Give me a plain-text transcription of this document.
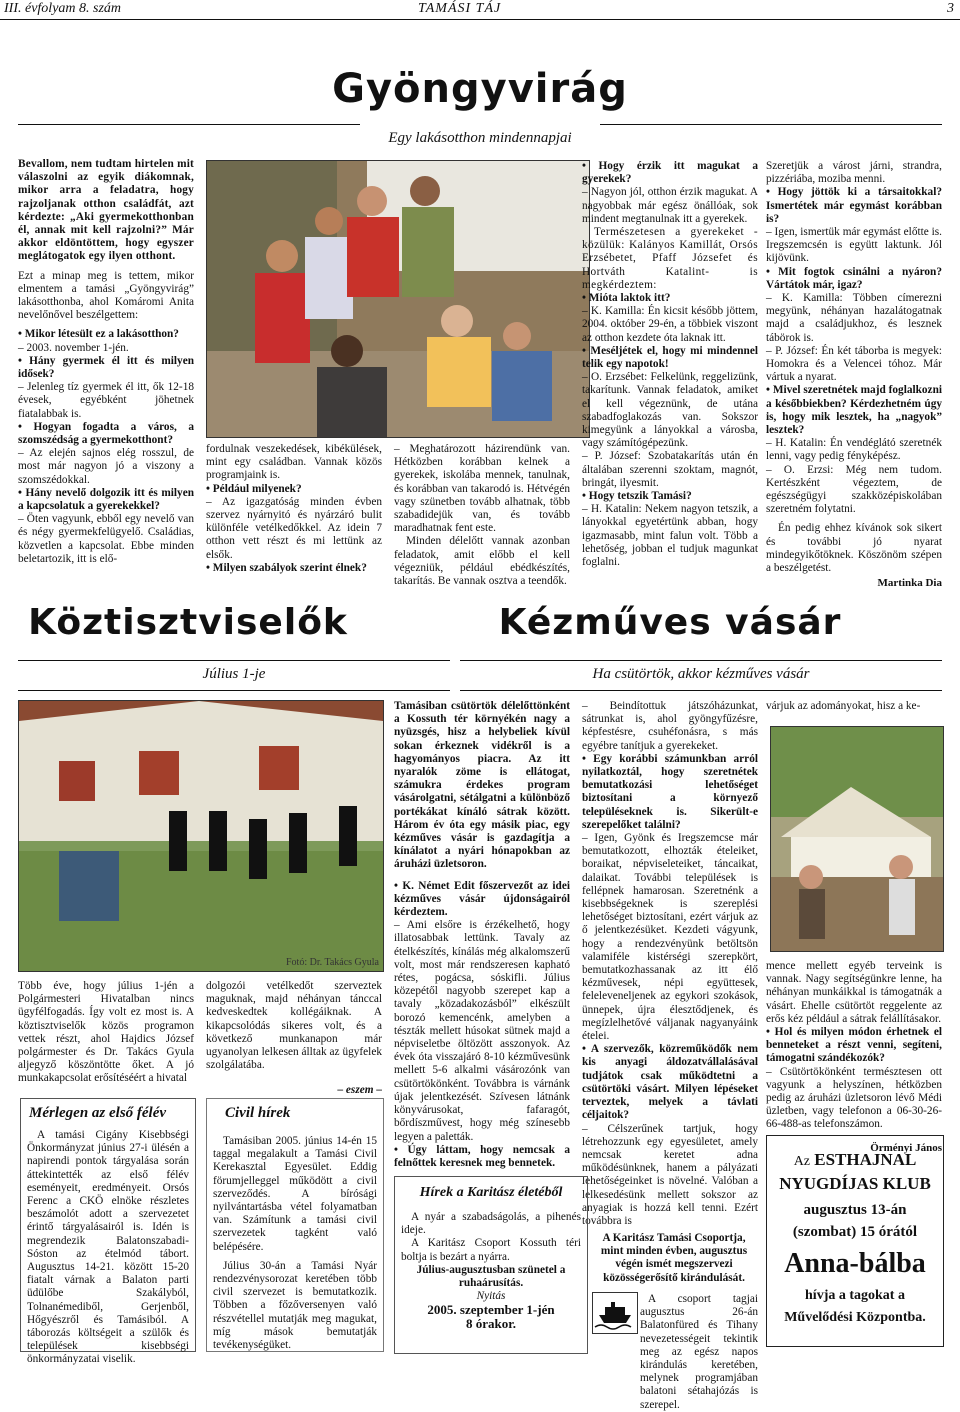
III. évfolyam 8. szám	TAMÁSI TÁJ	3
Gyöngyvirág
Egy lakásotthon mindennapjai

Bevallom, nem tudtam hirtelen mit válaszolni az egyik diákomnak, mikor arra a feladatra, hogy rajzoljanak otthon családfát, azt kérdezte: „Aki gyermekotthonban él, annak mit kell rajzolni?” Már akkor eldöntöttem, hogy egyszer meglátogatok egy ilyen otthont.

Ezt a minap meg is tettem, mikor elmentem a tamási „Gyöngyvirág” lakásotthonba, ahol Komáromi Anita nevelőnővel beszélgettem:

• Mikor létesült ez a lakásotthon?

– 2003. november 1-jén.

• Hány gyermek él itt és milyen idősek?

– Jelenleg tíz gyermek él itt, ők 12-18 évesek, egyébként jöhetnek fiatalabbak is.

• Hogyan fogadta a város, a szomszédság a gyermekotthont?

– Az elején sajnos elég rosszul, de most már nagyon jó a viszony a szomszédokkal.

• Hány nevelő dolgozik itt és milyen a kapcsolatuk a gyerekekkel?

– Öten vagyunk, ebből egy nevelő van és négy gyermekfelügyelő. Családias, közvetlen a kapcsolat. Ebbe minden beletartozik, itt is elő-

fordulnak veszekedések, kibékülések, mint egy családban. Vannak közös programjaink is.

• Például milyenek?

– Az igazgatóság minden évben szervez nyárnyitó és nyárzáró bulit különféle vetélkedőkkel. Az idein 7 otthon vett részt és mi lettünk az elsők.

• Milyen szabályok szerint élnek?

– Meghatározott házirendünk van. Hétközben korábban kelnek a gyerekek, iskolába mennek, tanulnak, és korábban van takarodó is. Hétvégén vagy szünetben tovább alhatnak, több szabadidejük van, és tovább maradhatnak fent este.

Minden délelőtt vannak azonban feladatok, amit előbb el kell végezniük, például ebédkészítés, takarítás. Be vannak osztva a teendők.

• Hogy érzik itt magukat a gyerekek?

– Nagyon jól, otthon érzik magukat. A nagyobbak már egész önállóak, sok mindent megtanulnak itt a gyerekek.

Természetesen a gyerekeket -közülük: Kalányos Kamillát, Orsós Erzsébetet, Pfaff Józsefet és Hortváth Katalint- is megkérdeztem:

• Mióta laktok itt?

– K. Kamilla: Én kicsit később jöttem, 2004. október 29-én, a többiek viszont az otthon kezdete óta laknak itt.

• Meséljétek el, hogy mi mindennel telik egy napotok!

– O. Erzsébet: Felkelünk, reggelizünk, takarítunk. Vannak feladatok, amiket el kell végeznünk, de utána szabadfoglakozás van. Sokszor kimegyünk a lányokkal a városba, vagy számítógépezünk.

– P. József: Szobatakarítás után én általában szerenni szoktam, magnót, bringát, ilyesmit.

• Hogy tetszik Tamási?

– H. Katalin: Nekem nagyon tetszik, a lányokkal egyetértünk abban, hogy igazmasabb, mint falun volt. Több a lehetőség, jobban el tudjuk magunkat foglalni.

Szeretjük a várost járni, strandra, pizzériába, moziba menni.

• Hogy jöttök ki a társaitokkal? Ismertétek már egymást korábban is?

– Igen, ismertük már egymást előtte is. Iregszemcsén is együtt laktunk. Jól kijövünk.

• Mit fogtok csinálni a nyáron? Vártátok már, igaz?

– K. Kamilla: Többen címerezni megyünk, néhányan hazalátogatnak majd a családjukhoz, és lesznek tábörok is.

– P. József: Én két táborba is megyek: Homokra és a Velencei tóhoz. Már vártuk a nyarat.

• Mivel szeretnétek majd foglalkozni a későbbiekben? Kérdezhetném úgy is, hogy mik lesztek, ha „nagyok” lesztek?

– H. Katalin: Én vendéglátó szeretnék lenni, vagy pedig fényképész.

– O. Erzsi: Még nem tudom. Kertészként végeztem, de egészségügyi szakközépiskolában szeretném folytatni.

Én pedig ehhez kívánok sok sikert és további jó nyarat mindegyikőtöknek. Köszönöm szépen a beszélgetést.

Martinka Dia

Köztisztviselők
Július 1-je
Fotó: Dr. Takács Gyula

Több éve, hogy július 1-jén a Polgármesteri Hivatalban nincs ügyfélfogadás. Így volt ez most is. A köztisztviselők közös programon vettek részt, ahol Hajdics József polgármester és Dr. Takács Gyula aljegyző köszöntötte őket. A jó munkakapcsolat erősítéséért a hivatal

dolgozói vetélkedőt szerveztek maguknak, majd néhányan tánccal kedveskedtek kollégáiknak. A kikapcsolódás sikeres volt, és a következő munkanapon már ugyanolyan lelkesen álltak az ügyfelek szolgálatába.

– eszem –

Mérlegen az első félév
A tamási Cigány Kisebbségi Önkormányzat június 27-i ülésén a napirendi pontok tárgyalása során áttekintették az első félév eseményeit, eredményeit. Orsós Ferenc a CKÖ elnöke részletes beszámolót adott a szervezetet érintő tárgyalásairól is. Idén is megrendezik Balatonszabadi-Sóston az ételmód tábort. Augusztus 14-21. között 15-20 fiatalt várnak a Balaton parti üdülőbe Szakályból, Tolnanémediből, Gerjenből, Hőgyészről és Tamásiból. A táborozás költségeit a szülők és települések kisebbségi önkormányzatai viselik.
Civil hírek

Tamásiban 2005. június 14-én 15 taggal megalakult a Tamási Civil Kerekasztal Egyesület. Eddig förumjelleggel működött a civil szerveződés. A bírósági nyilvántartásba vétel folyamatban van. Számítunk a tamási civil szervezetek tagként való belépésére.

Július 30-án a Tamási Nyár rendezvénysorozat keretében több civil szervezet is bemutatkozik. Többen a főzőversenyen való részvétellel mutatják meg magukat, míg mások bemutatják tevékenységüket.

Kézműves vásár
Ha csütörtök, akkor kézműves vásár

Tamásiban csütörtök délelőttönként a Kossuth tér környékén nagy a nyüzsgés, hisz a helybeliek kívül sokan érkeznek vidékről is a hagyományos piacra. Az itt nyaralók zöme is ellátogat, számukra érdekes program vásárolgatni, sétálgatni a különböző portékákat kínáló sátrak között. Három év óta egy másik piac, egy kézműves vásár is gazdagítja a kínálatot a nyári hónapokban az áruházi üzletsoron.

• K. Német Edit főszervezőt az idei kézműves vásár újdonságairól kérdeztem.

– Ami elsőre is érzékelhető, hogy illatosabbak lettünk. Tavaly az ételkészítés, kínálás még alkalomszerű volt, most már rendszeresen kapható rétes, pogácsa, sóskifli. Július közepétől nagyobb szerepet kap a tavaly „közadakozásból” elkészült borozó kemencénk, amelyben a tészták mellett húsokat sütnek majd a népviseletbe öltözött asszonyok. Az évek óta visszajáró 8-10 kézművesünk mellett 5-6 alkalmi vásározónk van csütörtökönként. Továbbra is várnánk újak jelentkezését. Szívesen látnánk könyvárusokat, fafaragót, bőrdíszművest, hogy még színesebb legyen a paletták.

• Úgy láttam, hogy nemcsak a felnőttek keresnek meg bennetek.

– Beindítottuk játszóházunkat, sátrunkat is, ahol gyöngyfűzésre, képfestésre, csuhéfonásra, s más egyébre tanítjuk a gyerekeket.

• Egy korábbi számunkban arról nyilatkoztál, hogy szeretnétek bemutatkozási lehetőséget biztosítani a környező településeknek is. Sikerült-e szerepelőket találni?

– Igen, Gyönk és Iregszemcse már bemutatkozott, elhozták ételeiket, boraikat, népviseleteiket, táncaikat, dalaikat. További települések is fellépnek hamarosan. Szeretnénk a kisebbségeknek is szereplési lehetőséget biztosítani, ezért várjuk az ő jelentkezésüket. Kezdeti vágyunk, hogy a rendezvényünk betöltsön valamiféle kistérségi szerepkört, bemutatkozhassanak az itt élő kézművesek, népi együttesek, feleleveneljenek az egykori szokások, ünnepek, újra élesztődjenek, és megízlelhetővé váljanak nagyanyáink ételei.

• A szervezők, közreműködők nem kis anyagi áldozatvállalásával tudjátok csak működtetni a csütörtöki vásárt. Milyen lépéseket terveztek, melyek a távlati céljaitok?

– Célszerűnek tartjuk, hogy létrehozzunk egy egyesületet, amely nemcsak keretet adna működésünknek, hanem a pályázati lehetőségeinket is növelné. Valóban a lelkesedésünk mellett sokszor az anyagiak is hozzá kell tenni. Ezért továbbra is

várjuk az adományokat, hisz a ke-

mence mellett egyéb terveink is vannak. Nagy segítségünkre lenne, ha néhányan munkáikkal is támogatnák a vásárt. Ehelle csütörtöt reggelente az erős kéz például a sátrak felállításakor.

• Hol és milyen módon érhetnek el benneteket a részt venni, segíteni, támogatni szándékozók?

– Csütörtökönként természtesen ott vagyunk a helyszínen, hétközben pedig az áruházi üzletsoron lévő Médi üzletben, vagy telefonon a 06-30-26-66-488-as telefonszámon.

Örményi János

Hírek a Karitász életéből

A nyár a szabadságolás, a pihenés ideje.

A Karitász Csoport Kossuth téri boltja is bezárt a nyárra.

Július-augusztusban szünetel a ruhaárusítás.

Nyitás

2005. szeptember 1-jén

8 órakor.

A Karitász Tamási Csoportja, mint minden évben, augusztus végén ismét megszervezi közösségerősítő kirándulását.

A csoport tagjai augusztus 26-án Balatonfüred és Tihany nevezetességeit tekintik meg az egész napos kirándulás keretében, melynek programjában balatoni sétahajózás is szerepel.

Az ESTHAJNAL
NYUGDÍJAS KLUB
augusztus 13-án
(szombat) 15 órától
Anna-bálba
hívja a tagokat a
Művelődési Központba.
